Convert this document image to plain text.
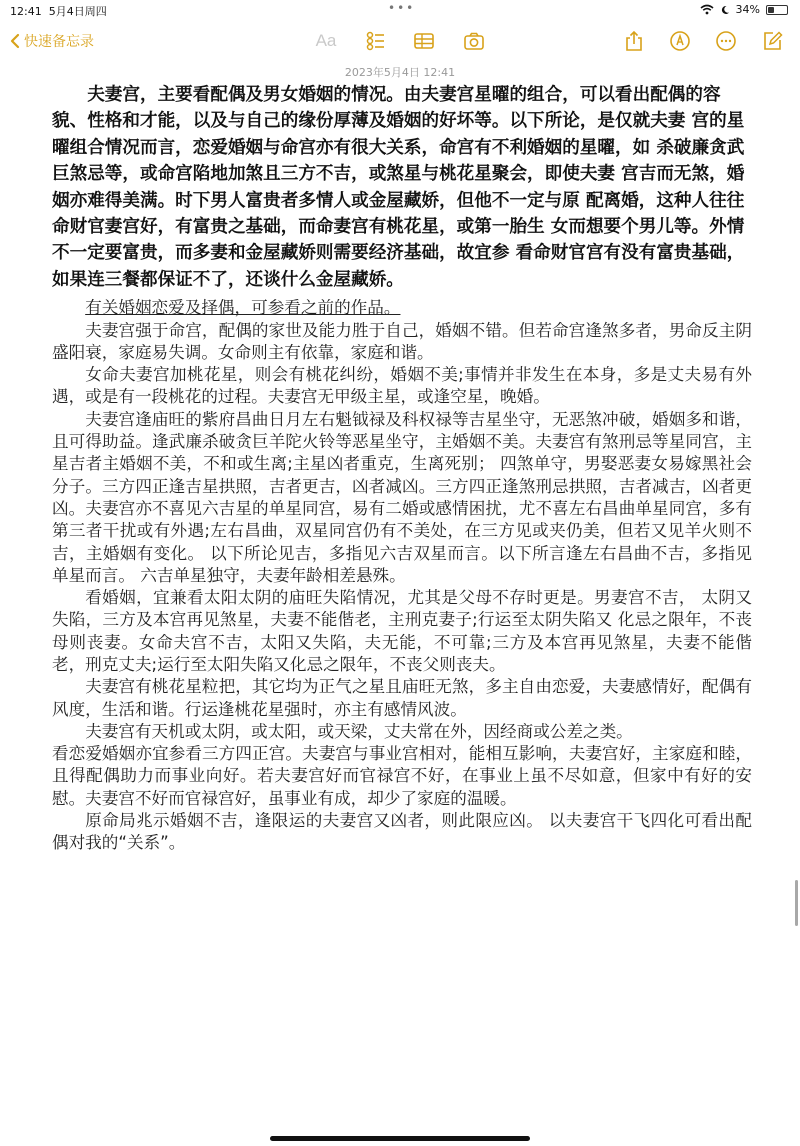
12:41 5月4日周四	•••	34%
快速备忘录	Aa
2023年5月4日 12:41

夫妻宫，主要看配偶及男女婚姻的情况。由夫妻宫星曜的组合，可以看出配偶的容貌、性格和才能，以及与自己的缘份厚薄及婚姻的好坏等。以下所论，是仅就夫妻 宫的星曜组合情况而言，恋爱婚姻与命宫亦有很大关系，命宫有不利婚姻的星曜，如 杀破廉贪武巨煞忌等，或命宫陷地加煞且三方不吉，或煞星与桃花星聚会，即使夫妻 宫吉而无煞，婚姻亦难得美满。时下男人富贵者多情人或金屋藏娇，但他不一定与原 配离婚，这种人往往命财官妻宫好，有富贵之基础，而命妻宫有桃花星，或第一胎生 女而想要个男儿等。外情不一定要富贵，而多妻和金屋藏娇则需要经济基础，故宜参 看命财官宫有没有富贵基础，如果连三餐都保证不了，还谈什么金屋藏娇。

有关婚姻恋爱及择偶，可参看之前的作品。

夫妻宫强于命宫，配偶的家世及能力胜于自己，婚姻不错。但若命宫逢煞多者，男命反主阴盛阳衰，家庭易失调。女命则主有依靠，家庭和谐。

女命夫妻宫加桃花星，则会有桃花纠纷，婚姻不美;事情并非发生在本身，多是丈夫易有外遇，或是有一段桃花的过程。夫妻宫无甲级主星，或逢空星，晚婚。

夫妻宫逢庙旺的紫府昌曲日月左右魁钺禄及科权禄等吉星坐守，无恶煞冲破，婚姻多和谐，且可得助益。逢武廉杀破贪巨羊陀火铃等恶星坐守，主婚姻不美。夫妻宫有煞刑忌等星同宫，主星吉者主婚姻不美，不和或生离;主星凶者重克，生离死别； 四煞单守，男娶恶妻女易嫁黑社会分子。三方四正逢吉星拱照，吉者更吉，凶者减凶。三方四正逢煞刑忌拱照，吉者减吉，凶者更凶。夫妻宫亦不喜见六吉星的单星同宫，易有二婚或感情困扰，尤不喜左右昌曲单星同宫，多有第三者干扰或有外遇;左右昌曲，双星同宫仍有不美处，在三方见或夹仍美，但若又见羊火则不吉，主婚姻有变化。 以下所论见吉，多指见六吉双星而言。以下所言逢左右昌曲不吉，多指见单星而言。 六吉单星独守，夫妻年龄相差悬殊。

看婚姻，宜兼看太阳太阴的庙旺失陷情况，尤其是父母不存时更是。男妻宫不吉， 太阴又失陷，三方及本宫再见煞星，夫妻不能偕老，主刑克妻子;行运至太阴失陷又 化忌之限年，不丧母则丧妻。女命夫宫不吉，太阳又失陷，夫无能，不可靠;三方及本宫再见煞星，夫妻不能偕老，刑克丈夫;运行至太阳失陷又化忌之限年，不丧父则丧夫。

夫妻宫有桃花星粒把，其它均为正气之星且庙旺无煞，多主自由恋爱，夫妻感情好，配偶有风度，生活和谐。行运逢桃花星强时，亦主有感情风波。

夫妻宫有天机或太阴，或太阳，或天梁，丈夫常在外，因经商或公差之类。

看恋爱婚姻亦宜参看三方四正宫。夫妻宫与事业宫相对，能相互影响，夫妻宫好，主家庭和睦，且得配偶助力而事业向好。若夫妻宫好而官禄宫不好，在事业上虽不尽如意，但家中有好的安慰。夫妻宫不好而官禄宫好，虽事业有成，却少了家庭的温暖。

原命局兆示婚姻不吉，逢限运的夫妻宫又凶者，则此限应凶。 以夫妻宫干飞四化可看出配偶对我的“关系”。
